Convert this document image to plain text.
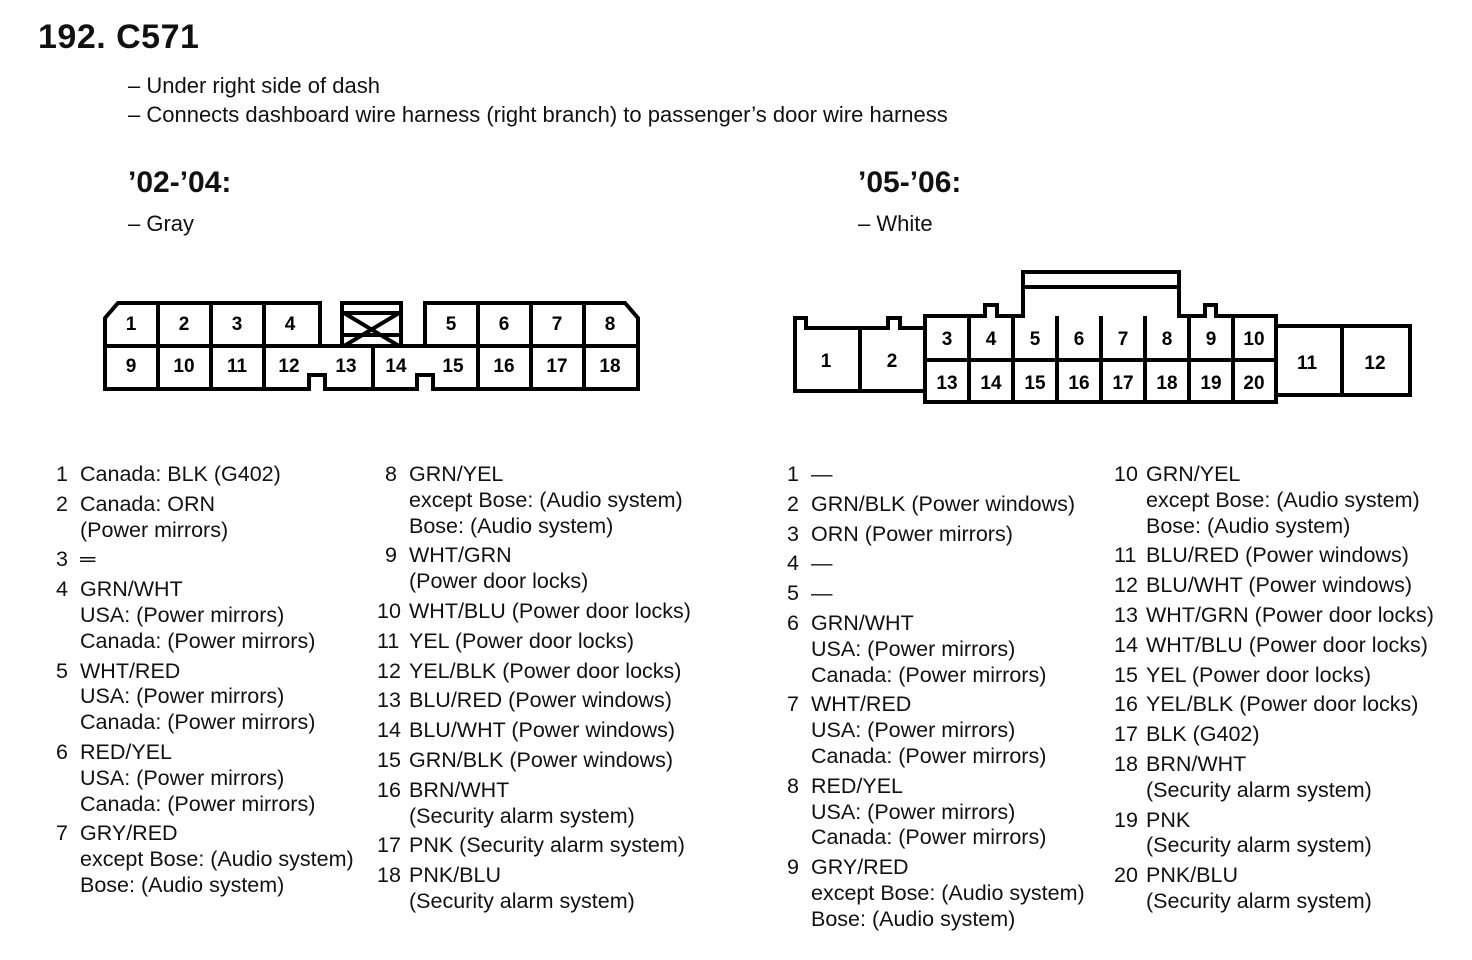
192. C571
– Under right side of dash
– Connects dashboard wire harness (right branch) to passenger’s door wire harness
’02-’04:
– Gray
’05-’06:
– White
1 2 3 4	5 6 7 8
9 10 11 12 13 14 15 16 17 18	1	2
3 4 5 6 7 8 9 10
11 12
13 14 15 16 17 18 19 20
1 Canada: BLK (G402)
2 Canada: ORN
(Power mirrors)
3 ═
4 GRN/WHT
USA: (Power mirrors)
Canada: (Power mirrors)
5 WHT/RED
USA: (Power mirrors)
Canada: (Power mirrors)
6 RED/YEL
USA: (Power mirrors)
Canada: (Power mirrors)
7 GRY/RED
except Bose: (Audio system)
Bose: (Audio system)
8 GRN/YEL
except Bose: (Audio system)
Bose: (Audio system)
9 WHT/GRN
(Power door locks)
10 WHT/BLU (Power door locks)
11 YEL (Power door locks)
12 YEL/BLK (Power door locks)
13 BLU/RED (Power windows)
14 BLU/WHT (Power windows)
15 GRN/BLK (Power windows)
16 BRN/WHT
(Security alarm system)
17 PNK (Security alarm system)
18 PNK/BLU
(Security alarm system)
1 —
2 GRN/BLK (Power windows)
3 ORN (Power mirrors)
4 —
5 —
6 GRN/WHT
USA: (Power mirrors)
Canada: (Power mirrors)
7 WHT/RED
USA: (Power mirrors)
Canada: (Power mirrors)
8 RED/YEL
USA: (Power mirrors)
Canada: (Power mirrors)
9 GRY/RED
except Bose: (Audio system)
Bose: (Audio system)
10 GRN/YEL
except Bose: (Audio system)
Bose: (Audio system)
11 BLU/RED (Power windows)
12 BLU/WHT (Power windows)
13 WHT/GRN (Power door locks)
14 WHT/BLU (Power door locks)
15 YEL (Power door locks)
16 YEL/BLK (Power door locks)
17 BLK (G402)
18 BRN/WHT
(Security alarm system)
19 PNK
(Security alarm system)
20 PNK/BLU
(Security alarm system)
